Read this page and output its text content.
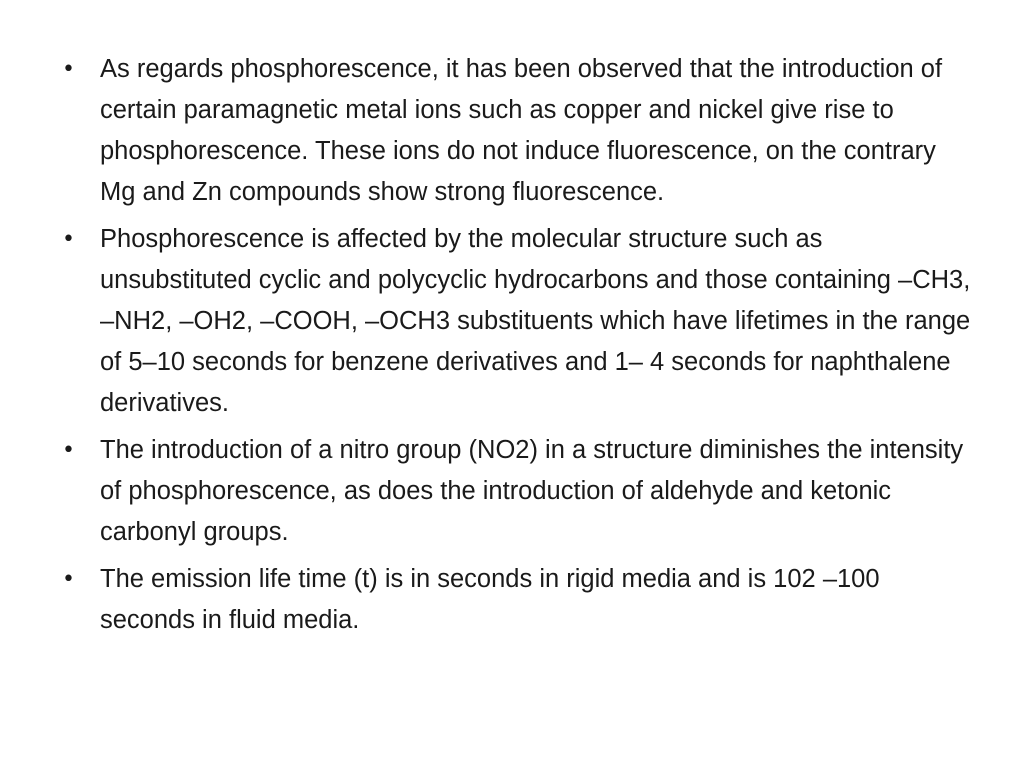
• As regards phosphorescence, it has been observed that the introduction of certain paramagnetic metal ions such as copper and nickel give rise to phosphorescence. These ions do not induce fluorescence, on the contrary Mg and Zn compounds show strong fluorescence.
• Phosphorescence is affected by the molecular structure such as unsubstituted cyclic and polycyclic hydrocarbons and those containing –CH3, –NH2, –OH2, –COOH, –OCH3 substituents which have lifetimes in the range of 5–10 seconds for benzene derivatives and 1– 4 seconds for naphthalene derivatives.
• The introduction of a nitro group (NO2) in a structure diminishes the intensity of phosphorescence, as does the introduction of aldehyde and ketonic carbonyl groups.
• The emission life time (t) is in seconds in rigid media and is 102 –100 seconds in fluid media.
